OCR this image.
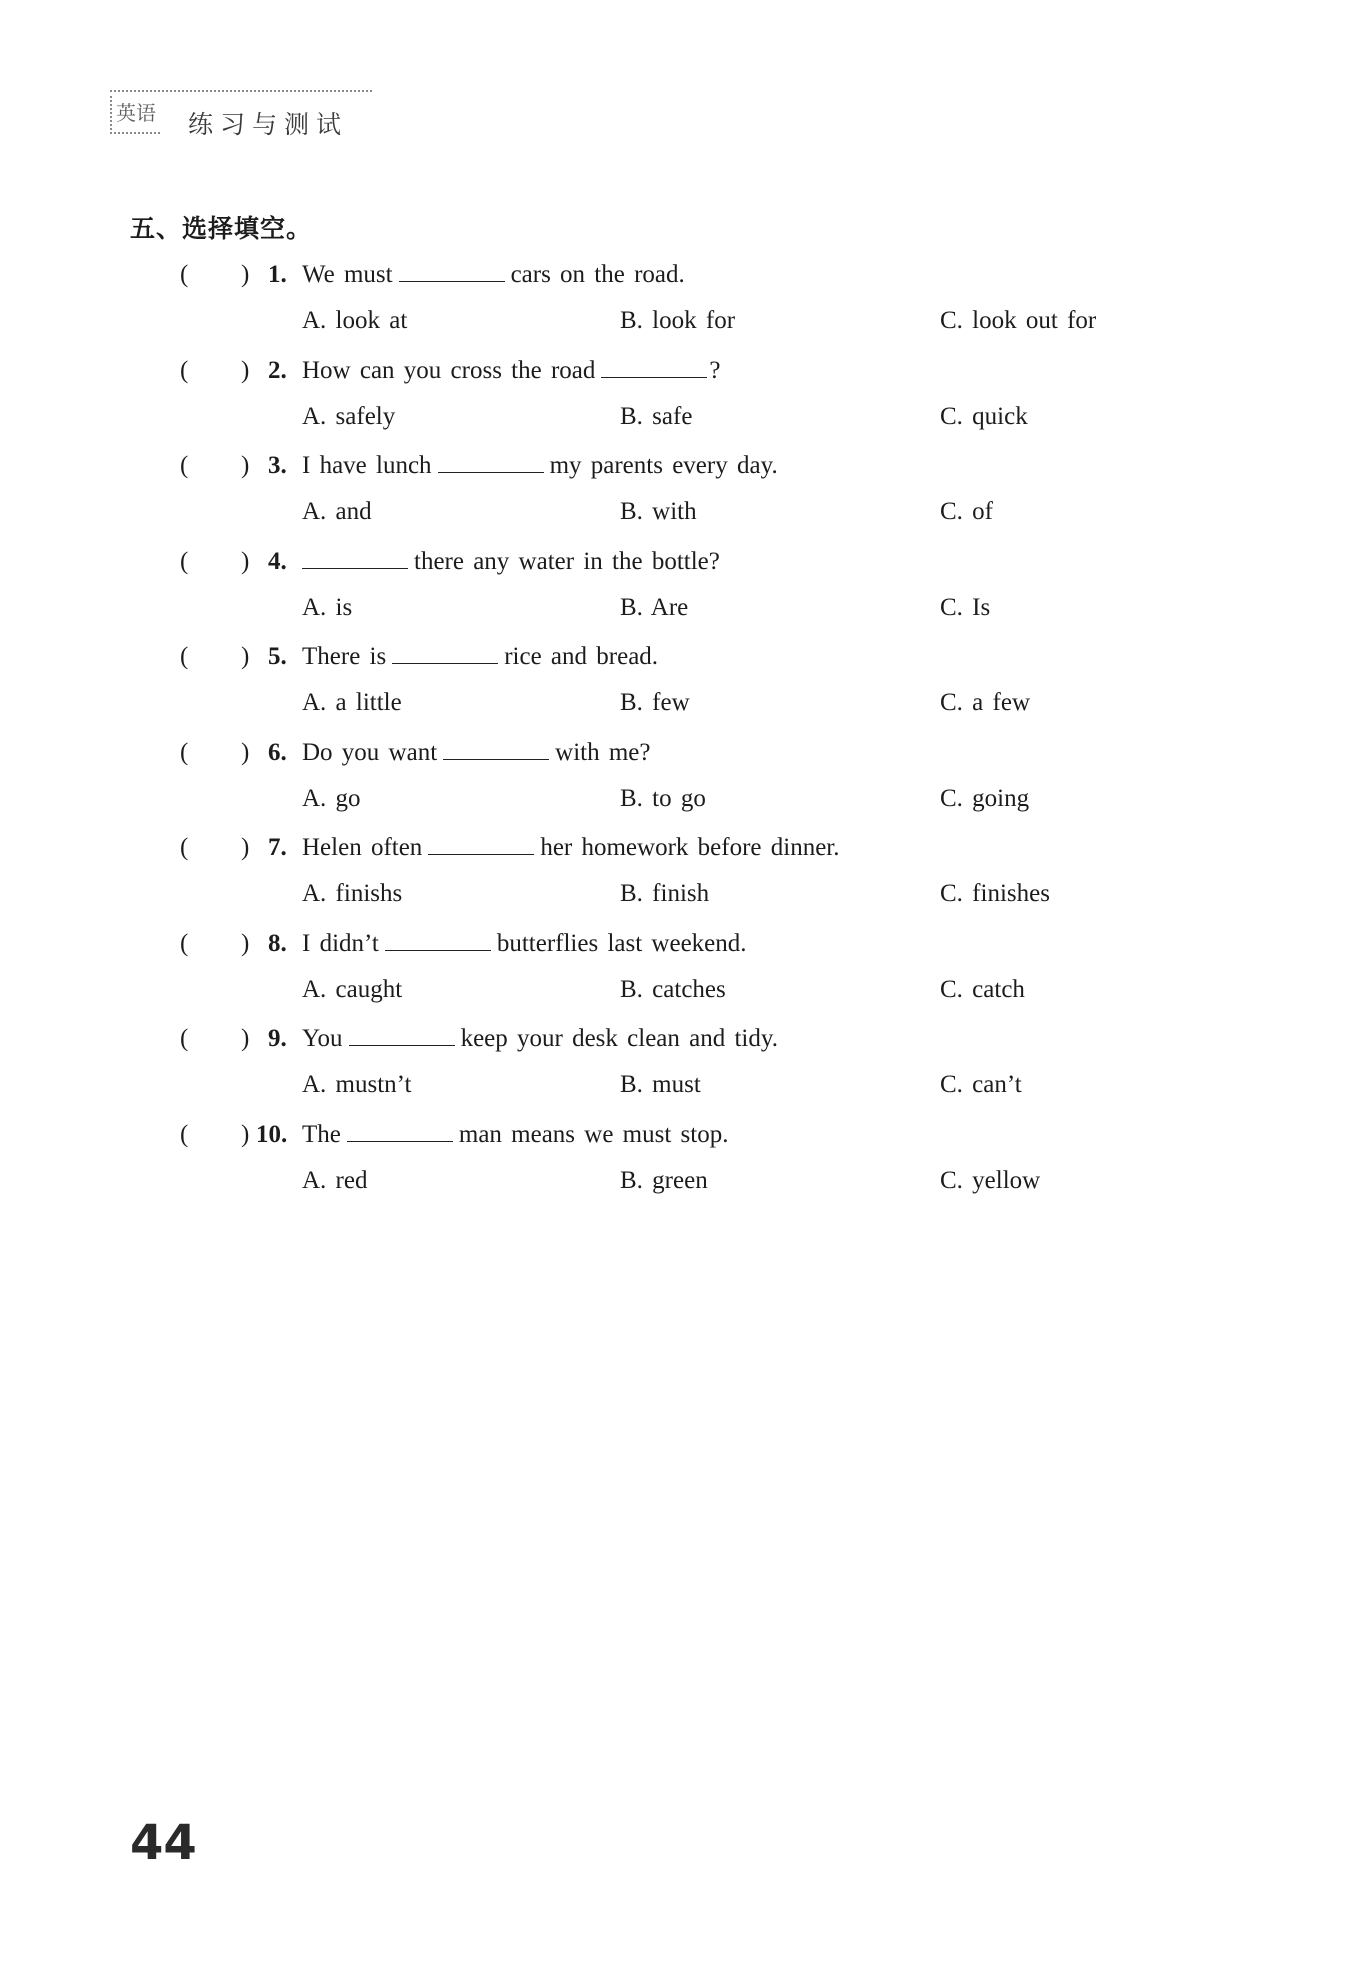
英语 练习与测试
五、选择填空。
( ) 1. We must	cars on the road.
A. look at	B. look for	C. look out for
( ) 2. How can you cross the road	?
A. safely	B. safe	C. quick
( ) 3. I have lunch	my parents every day.
A. and	B. with	C. of
( ) 4.	there any water in the bottle?
A. is	B. Are	C. Is
( ) 5. There is	rice and bread.
A. a little	B. few	C. a few
( ) 6. Do you want	with me?
A. go	B. to go	C. going
( ) 7. Helen often	her homework before dinner.
A. finishs	B. finish	C. finishes
( ) 8. I didn’t	butterflies last weekend.
A. caught	B. catches	C. catch
( ) 9. You	keep your desk clean and tidy.
A. mustn’t	B. must	C. can’t
( ) 10. The	man means we must stop.
A. red	B. green	C. yellow
44
